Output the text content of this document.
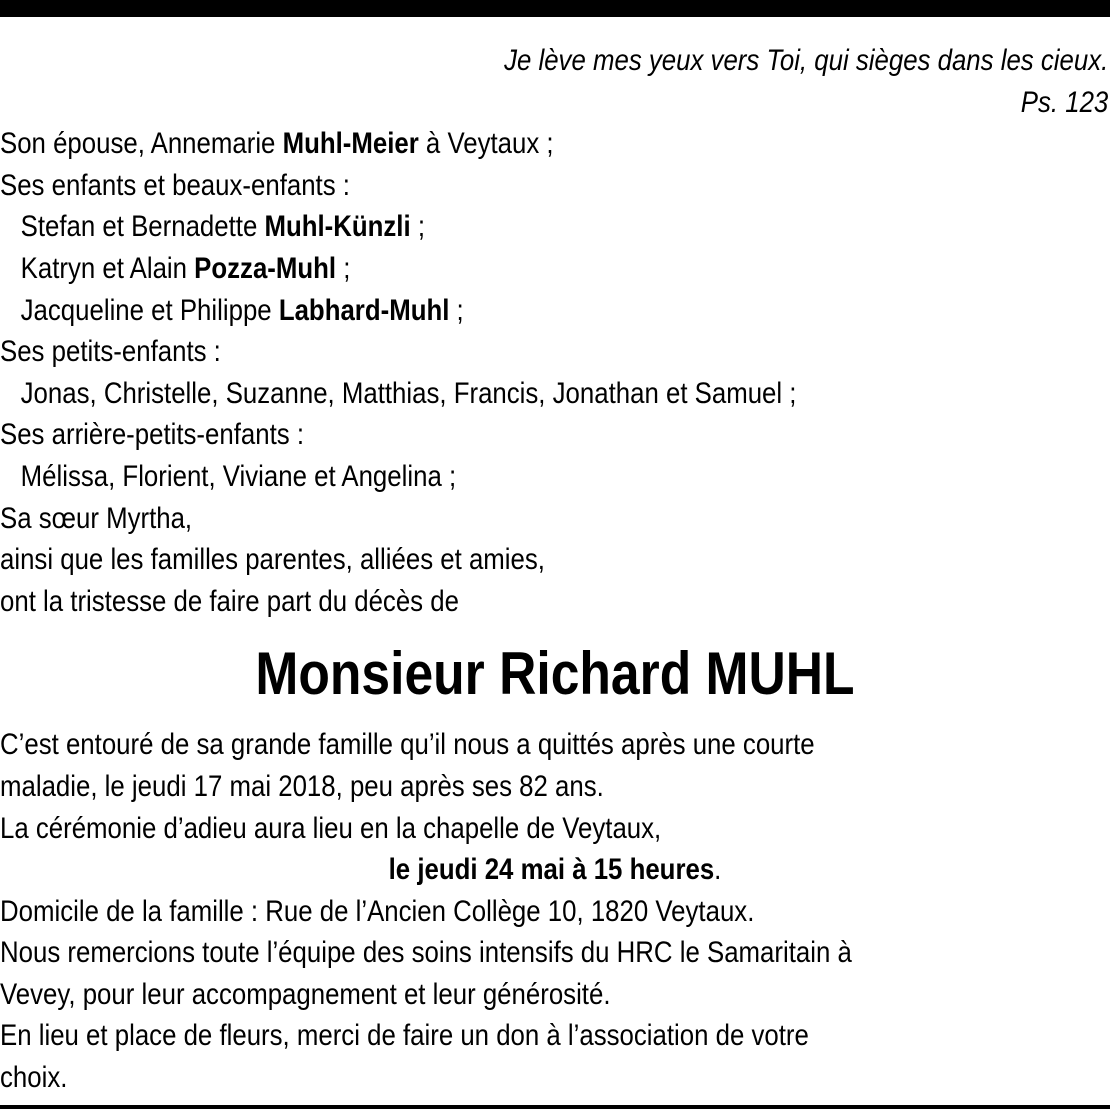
Je lève mes yeux vers Toi, qui sièges dans les cieux.
Ps. 123
Son épouse, Annemarie Muhl-Meier à Veytaux ;
Ses enfants et beaux-enfants :
Stefan et Bernadette Muhl-Künzli ;
Katryn et Alain Pozza-Muhl ;
Jacqueline et Philippe Labhard-Muhl ;
Ses petits-enfants :
Jonas, Christelle, Suzanne, Matthias, Francis, Jonathan et Samuel ;
Ses arrière-petits-enfants :
Mélissa, Florient, Viviane et Angelina ;
Sa sœur Myrtha,
ainsi que les familles parentes, alliées et amies,
ont la tristesse de faire part du décès de
Monsieur Richard MUHL
C’est entouré de sa grande famille qu’il nous a quittés après une courte
maladie, le jeudi 17 mai 2018, peu après ses 82 ans.
La cérémonie d’adieu aura lieu en la chapelle de Veytaux,
le jeudi 24 mai à 15 heures.
Domicile de la famille : Rue de l’Ancien Collège 10, 1820 Veytaux.
Nous remercions toute l’équipe des soins intensifs du HRC le Samaritain à
Vevey, pour leur accompagnement et leur générosité.
En lieu et place de fleurs, merci de faire un don à l’association de votre
choix.
